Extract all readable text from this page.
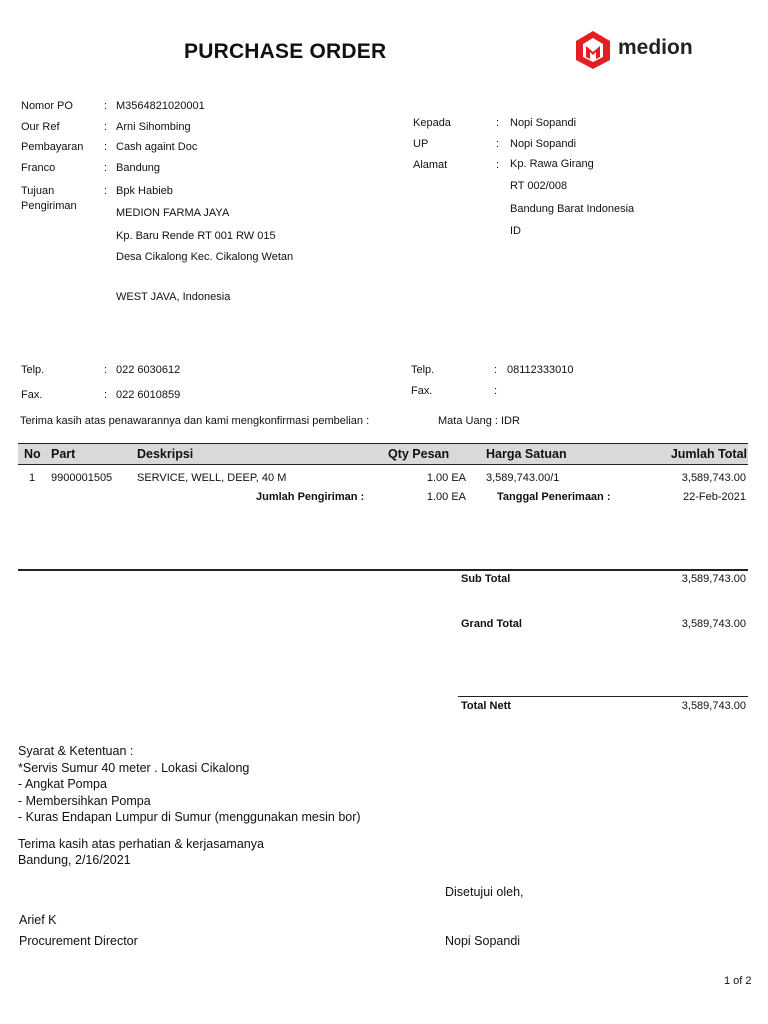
PURCHASE ORDER	medion
Nomor PO	: M3564821020001
Our Ref	: Arni Sihombing
Pembayaran : Cash againt Doc
Franco	: Bandung
Tujuan
Pengiriman
: Bpk Habieb
MEDION FARMA JAYA
Kp. Baru Rende RT 001 RW 015
Desa Cikalong Kec. Cikalong Wetan
WEST JAVA, Indonesia
Kepada	: Nopi Sopandi
UP	: Nopi Sopandi
Alamat	: Kp. Rawa Girang
RT 002/008
Bandung Barat Indonesia
ID
Telp.	: 022 6030612
Fax.	: 022 6010859
Telp.	: 08112333010
Fax.	:
Terima kasih atas penawarannya dan kami mengkonfirmasi pembelian :	Mata Uang : IDR
No Part	Deskripsi	Qty Pesan	Harga Satuan	Jumlah Total
1 9900001505 SERVICE, WELL, DEEP, 40 M	1.00 EA 3,589,743.00/1	3,589,743.00
Jumlah Pengiriman :	1.00 EA	Tanggal Penerimaan :	22-Feb-2021
Sub Total	3,589,743.00
Grand Total	3,589,743.00
Total Nett	3,589,743.00
Syarat & Ketentuan :
*Servis Sumur 40 meter . Lokasi Cikalong
- Angkat Pompa
- Membersihkan Pompa
- Kuras Endapan Lumpur di Sumur (menggunakan mesin bor)
Terima kasih atas perhatian & kerjasamanya
Bandung, 2/16/2021
Disetujui oleh,
Nopi Sopandi
Arief K
Procurement Director
1 of 2
